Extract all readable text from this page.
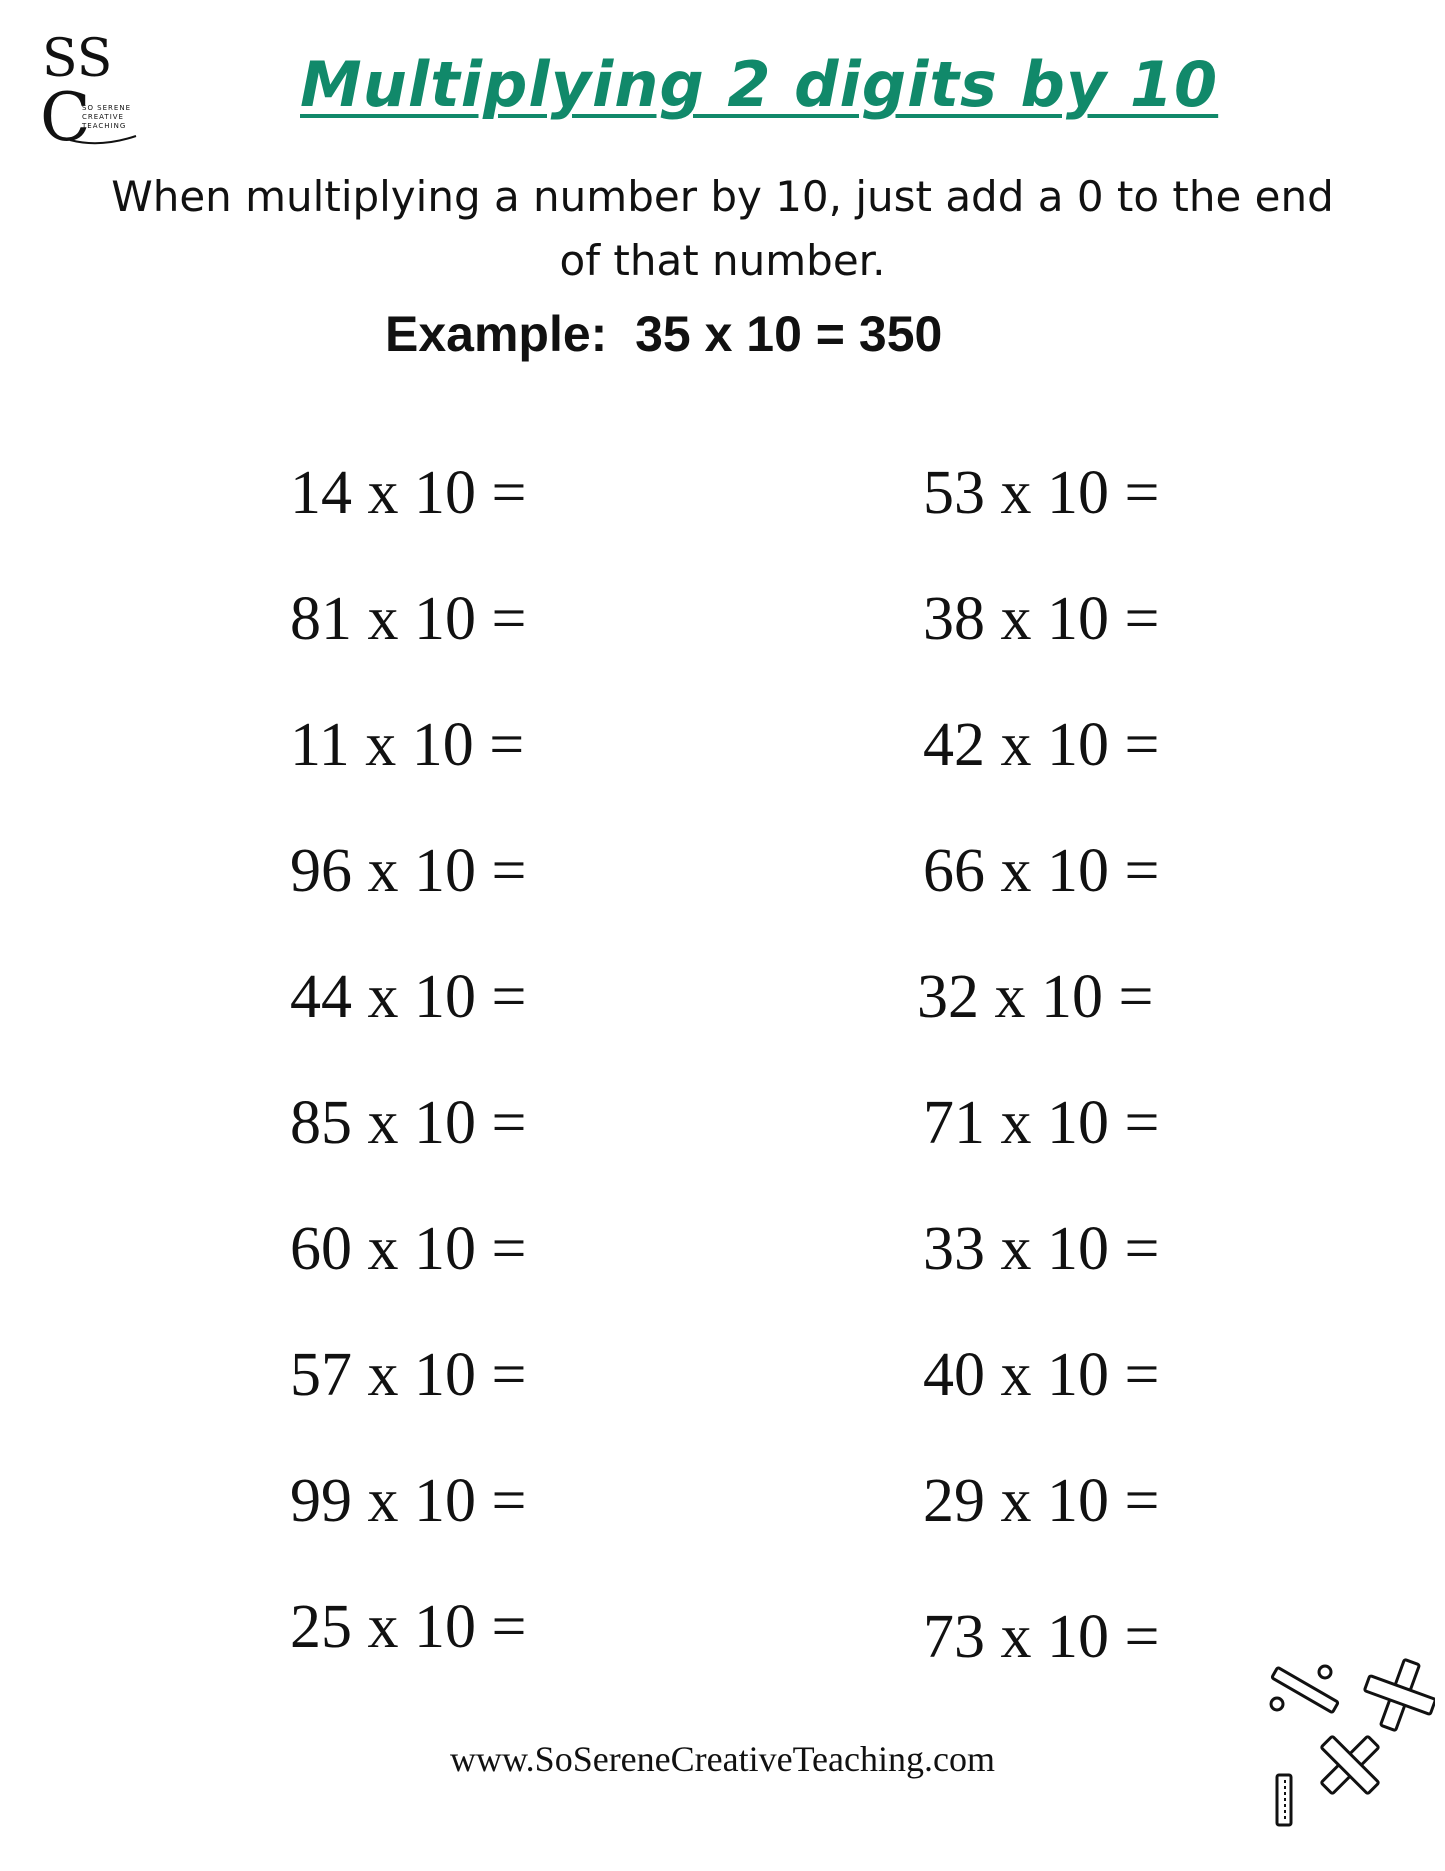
SS
C
SO SERENE
CREATIVE
TEACHING
Multiplying 2 digits by 10
When multiplying a number by 10, just add a 0 to the end of that number.
Example:  35 x 10 = 350
14 x 10 =
81 x 10 =
11 x 10 =
96 x 10 =
44 x 10 =
85 x 10 =
60 x 10 =
57 x 10 =
99 x 10 =
25 x 10 =
53 x 10 =
38 x 10 =
42 x 10 =
66 x 10 =
32 x 10 =
71 x 10 =
33 x 10 =
40 x 10 =
29 x 10 =
73 x 10 =
www.SoSereneCreativeTeaching.com
